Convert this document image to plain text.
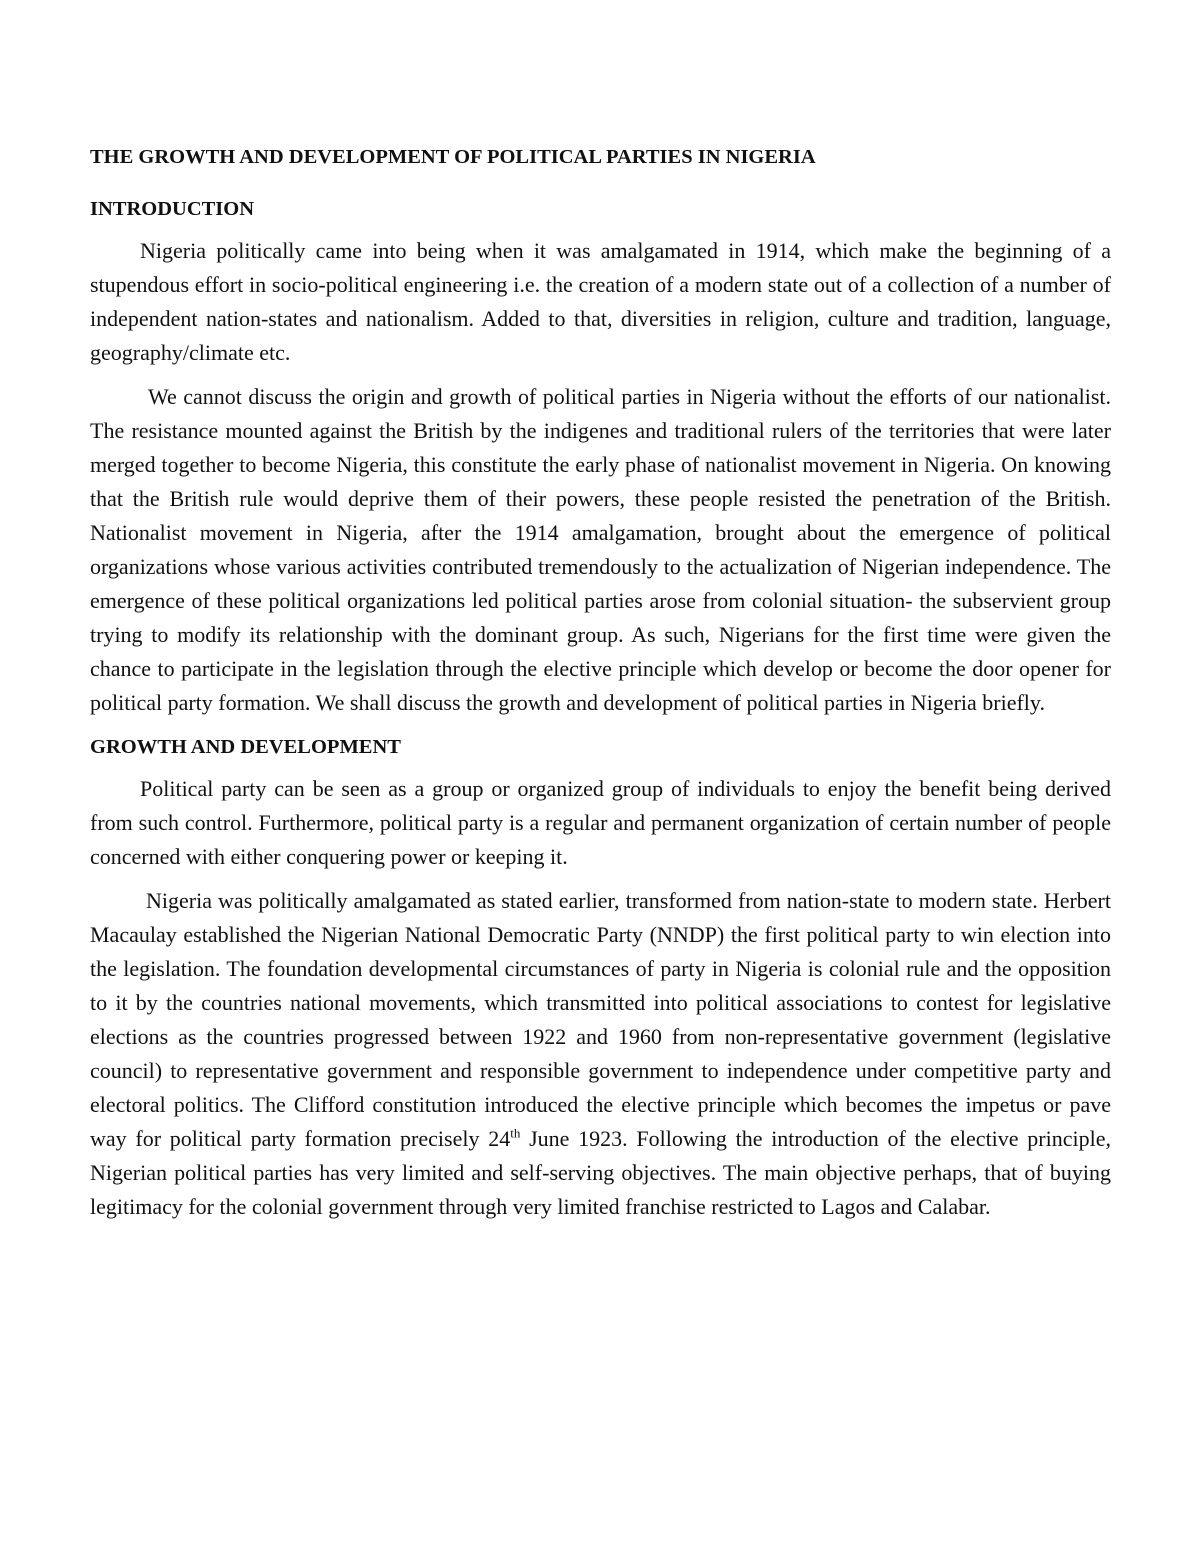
THE GROWTH AND DEVELOPMENT OF POLITICAL PARTIES IN NIGERIA
INTRODUCTION

Nigeria politically came into being when it was amalgamated in 1914, which make the beginning of a stupendous effort in socio-political engineering i.e. the creation of a modern state out of a collection of a number of independent nation-states and nationalism. Added to that, diversities in religion, culture and tradition, language, geography/climate etc.

We cannot discuss the origin and growth of political parties in Nigeria without the efforts of our nationalist. The resistance mounted against the British by the indigenes and traditional rulers of the territories that were later merged together to become Nigeria, this constitute the early phase of nationalist movement in Nigeria. On knowing that the British rule would deprive them of their powers, these people resisted the penetration of the British. Nationalist movement in Nigeria, after the 1914 amalgamation, brought about the emergence of political organizations whose various activities contributed tremendously to the actualization of Nigerian independence. The emergence of these political organizations led political parties arose from colonial situation- the subservient group trying to modify its relationship with the dominant group. As such, Nigerians for the first time were given the chance to participate in the legislation through the elective principle which develop or become the door opener for political party formation. We shall discuss the growth and development of political parties in Nigeria briefly.

GROWTH AND DEVELOPMENT

Political party can be seen as a group or organized group of individuals to enjoy the benefit being derived from such control. Furthermore, political party is a regular and permanent organization of certain number of people concerned with either conquering power or keeping it.

Nigeria was politically amalgamated as stated earlier, transformed from nation-state to modern state. Herbert Macaulay established the Nigerian National Democratic Party (NNDP) the first political party to win election into the legislation. The foundation developmental circumstances of party in Nigeria is colonial rule and the opposition to it by the countries national movements, which transmitted into political associations to contest for legislative elections as the countries progressed between 1922 and 1960 from non-representative government (legislative council) to representative government and responsible government to independence under competitive party and electoral politics. The Clifford constitution introduced the elective principle which becomes the impetus or pave way for political party formation precisely 24th June 1923. Following the introduction of the elective principle, Nigerian political parties has very limited and self-serving objectives. The main objective perhaps, that of buying legitimacy for the colonial government through very limited franchise restricted to Lagos and Calabar.
